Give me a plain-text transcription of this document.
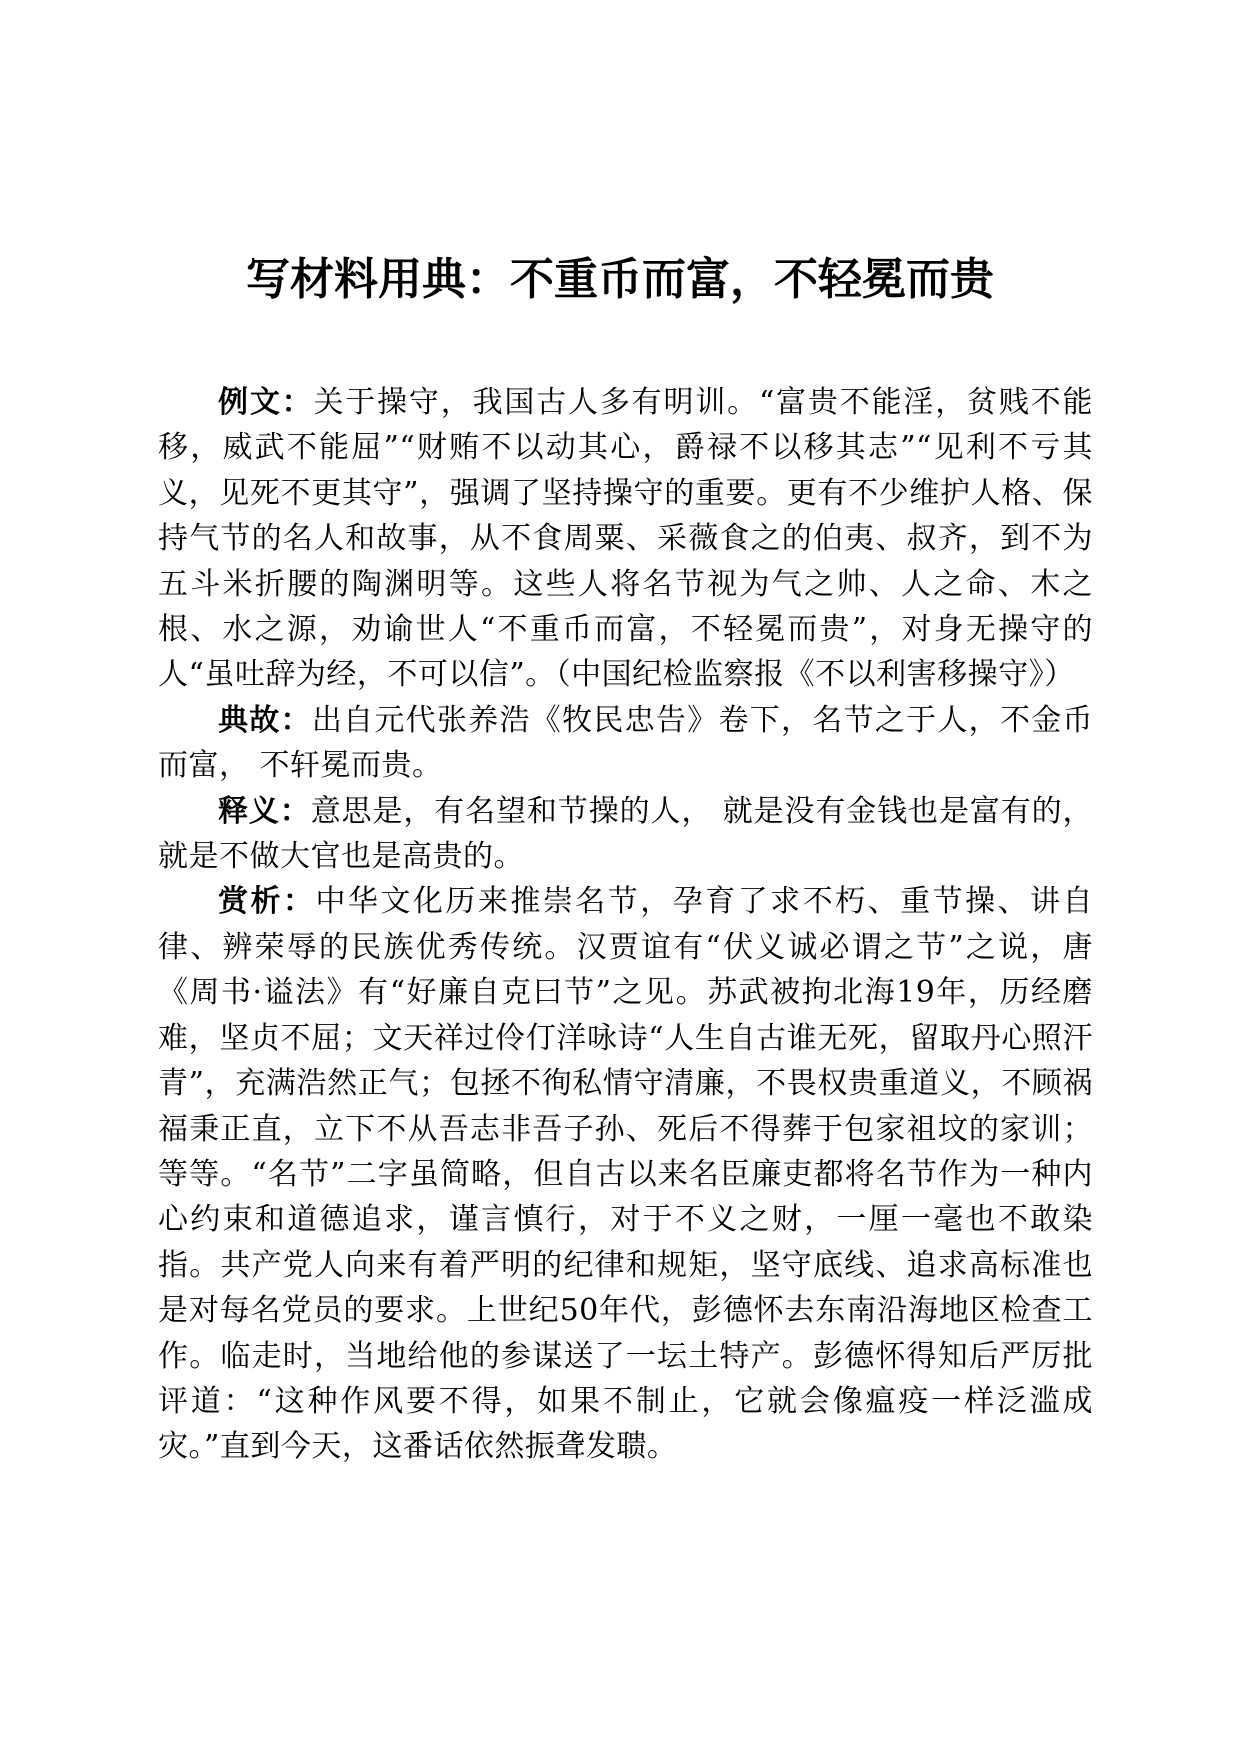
写材料用典：不重币而富，不轻冕而贵

例文：关于操守，我国古人多有明训。“富贵不能淫，贫贱不能移，威武不能屈”“财贿不以动其心，爵禄不以移其志”“见利不亏其义，见死不更其守”，强调了坚持操守的重要。更有不少维护人格、保持气节的名人和故事，从不食周粟、采薇食之的伯夷、叔齐，到不为五斗米折腰的陶渊明等。这些人将名节视为气之帅、人之命、木之根、水之源，劝谕世人“不重币而富，不轻冕而贵”，对身无操守的人“虽吐辞为经，不可以信”。（中国纪检监察报《不以利害移操守》）

典故：出自元代张养浩《牧民忠告》卷下，名节之于人，不金币而富， 不轩冕而贵。

释义：意思是，有名望和节操的人， 就是没有金钱也是富有的， 就是不做大官也是高贵的。

赏析：中华文化历来推崇名节，孕育了求不朽、重节操、讲自律、辨荣辱的民族优秀传统。汉贾谊有“伏义诚必谓之节”之说，唐《周书·谥法》有“好廉自克曰节”之见。苏武被拘北海19年，历经磨难，坚贞不屈；文天祥过伶仃洋咏诗“人生自古谁无死，留取丹心照汗青”，充满浩然正气；包拯不徇私情守清廉，不畏权贵重道义，不顾祸福秉正直，立下不从吾志非吾子孙、死后不得葬于包家祖坟的家训；等等。“名节”二字虽简略，但自古以来名臣廉吏都将名节作为一种内心约束和道德追求，谨言慎行，对于不义之财，一厘一毫也不敢染指。共产党人向来有着严明的纪律和规矩，坚守底线、追求高标准也是对每名党员的要求。上世纪50年代，彭德怀去东南沿海地区检查工作。临走时，当地给他的参谋送了一坛土特产。彭德怀得知后严厉批评道：“这种作风要不得，如果不制止，它就会像瘟疫一样泛滥成灾。”直到今天，这番话依然振聋发聩。
